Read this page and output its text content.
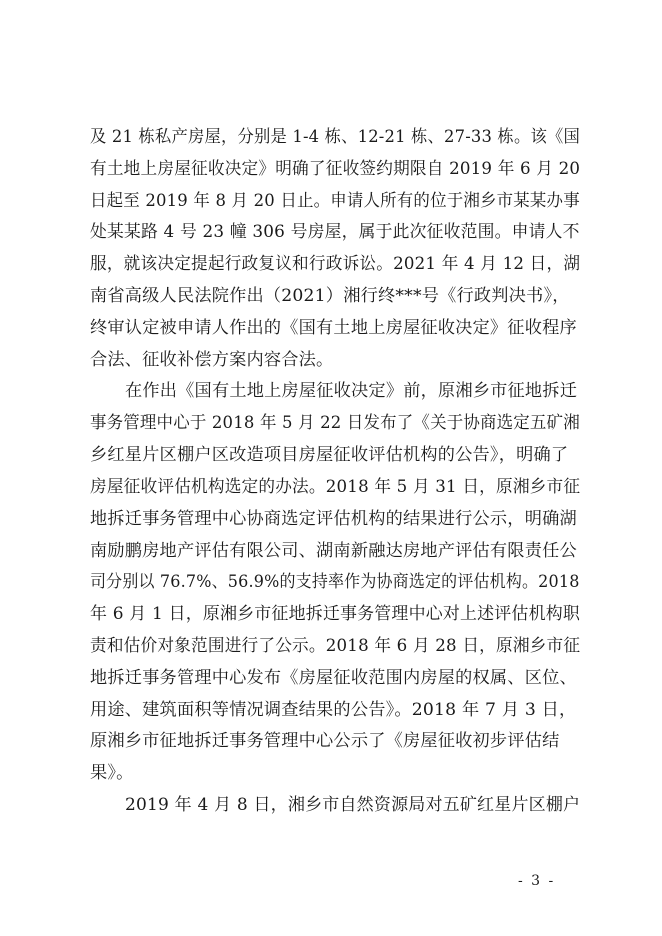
及 21 栋私产房屋，分别是 1-4 栋、12-21 栋、27-33 栋。该《国
有土地上房屋征收决定》明确了征收签约期限自 2019 年 6 月 20
日起至 2019 年 8 月 20 日止。申请人所有的位于湘乡市某某办事
处某某路 4 号 23 幢 306 号房屋，属于此次征收范围。申请人不
服，就该决定提起行政复议和行政诉讼。2021 年 4 月 12 日，湖
南省高级人民法院作出（2021）湘行终***号《行政判决书》，
终审认定被申请人作出的《国有土地上房屋征收决定》征收程序
合法、征收补偿方案内容合法。
在作出《国有土地上房屋征收决定》前，原湘乡市征地拆迁
事务管理中心于 2018 年 5 月 22 日发布了《关于协商选定五矿湘
乡红星片区棚户区改造项目房屋征收评估机构的公告》，明确了
房屋征收评估机构选定的办法。2018 年 5 月 31 日，原湘乡市征
地拆迁事务管理中心协商选定评估机构的结果进行公示，明确湖
南励鹏房地产评估有限公司、湖南新融达房地产评估有限责任公
司分别以 76.7%、56.9%的支持率作为协商选定的评估机构。2018
年 6 月 1 日，原湘乡市征地拆迁事务管理中心对上述评估机构职
责和估价对象范围进行了公示。2018 年 6 月 28 日，原湘乡市征
地拆迁事务管理中心发布《房屋征收范围内房屋的权属、区位、
用途、建筑面积等情况调查结果的公告》。2018 年 7 月 3 日，
原湘乡市征地拆迁事务管理中心公示了《房屋征收初步评估结
果》。
2019 年 4 月 8 日，湘乡市自然资源局对五矿红星片区棚户
- 3 -
